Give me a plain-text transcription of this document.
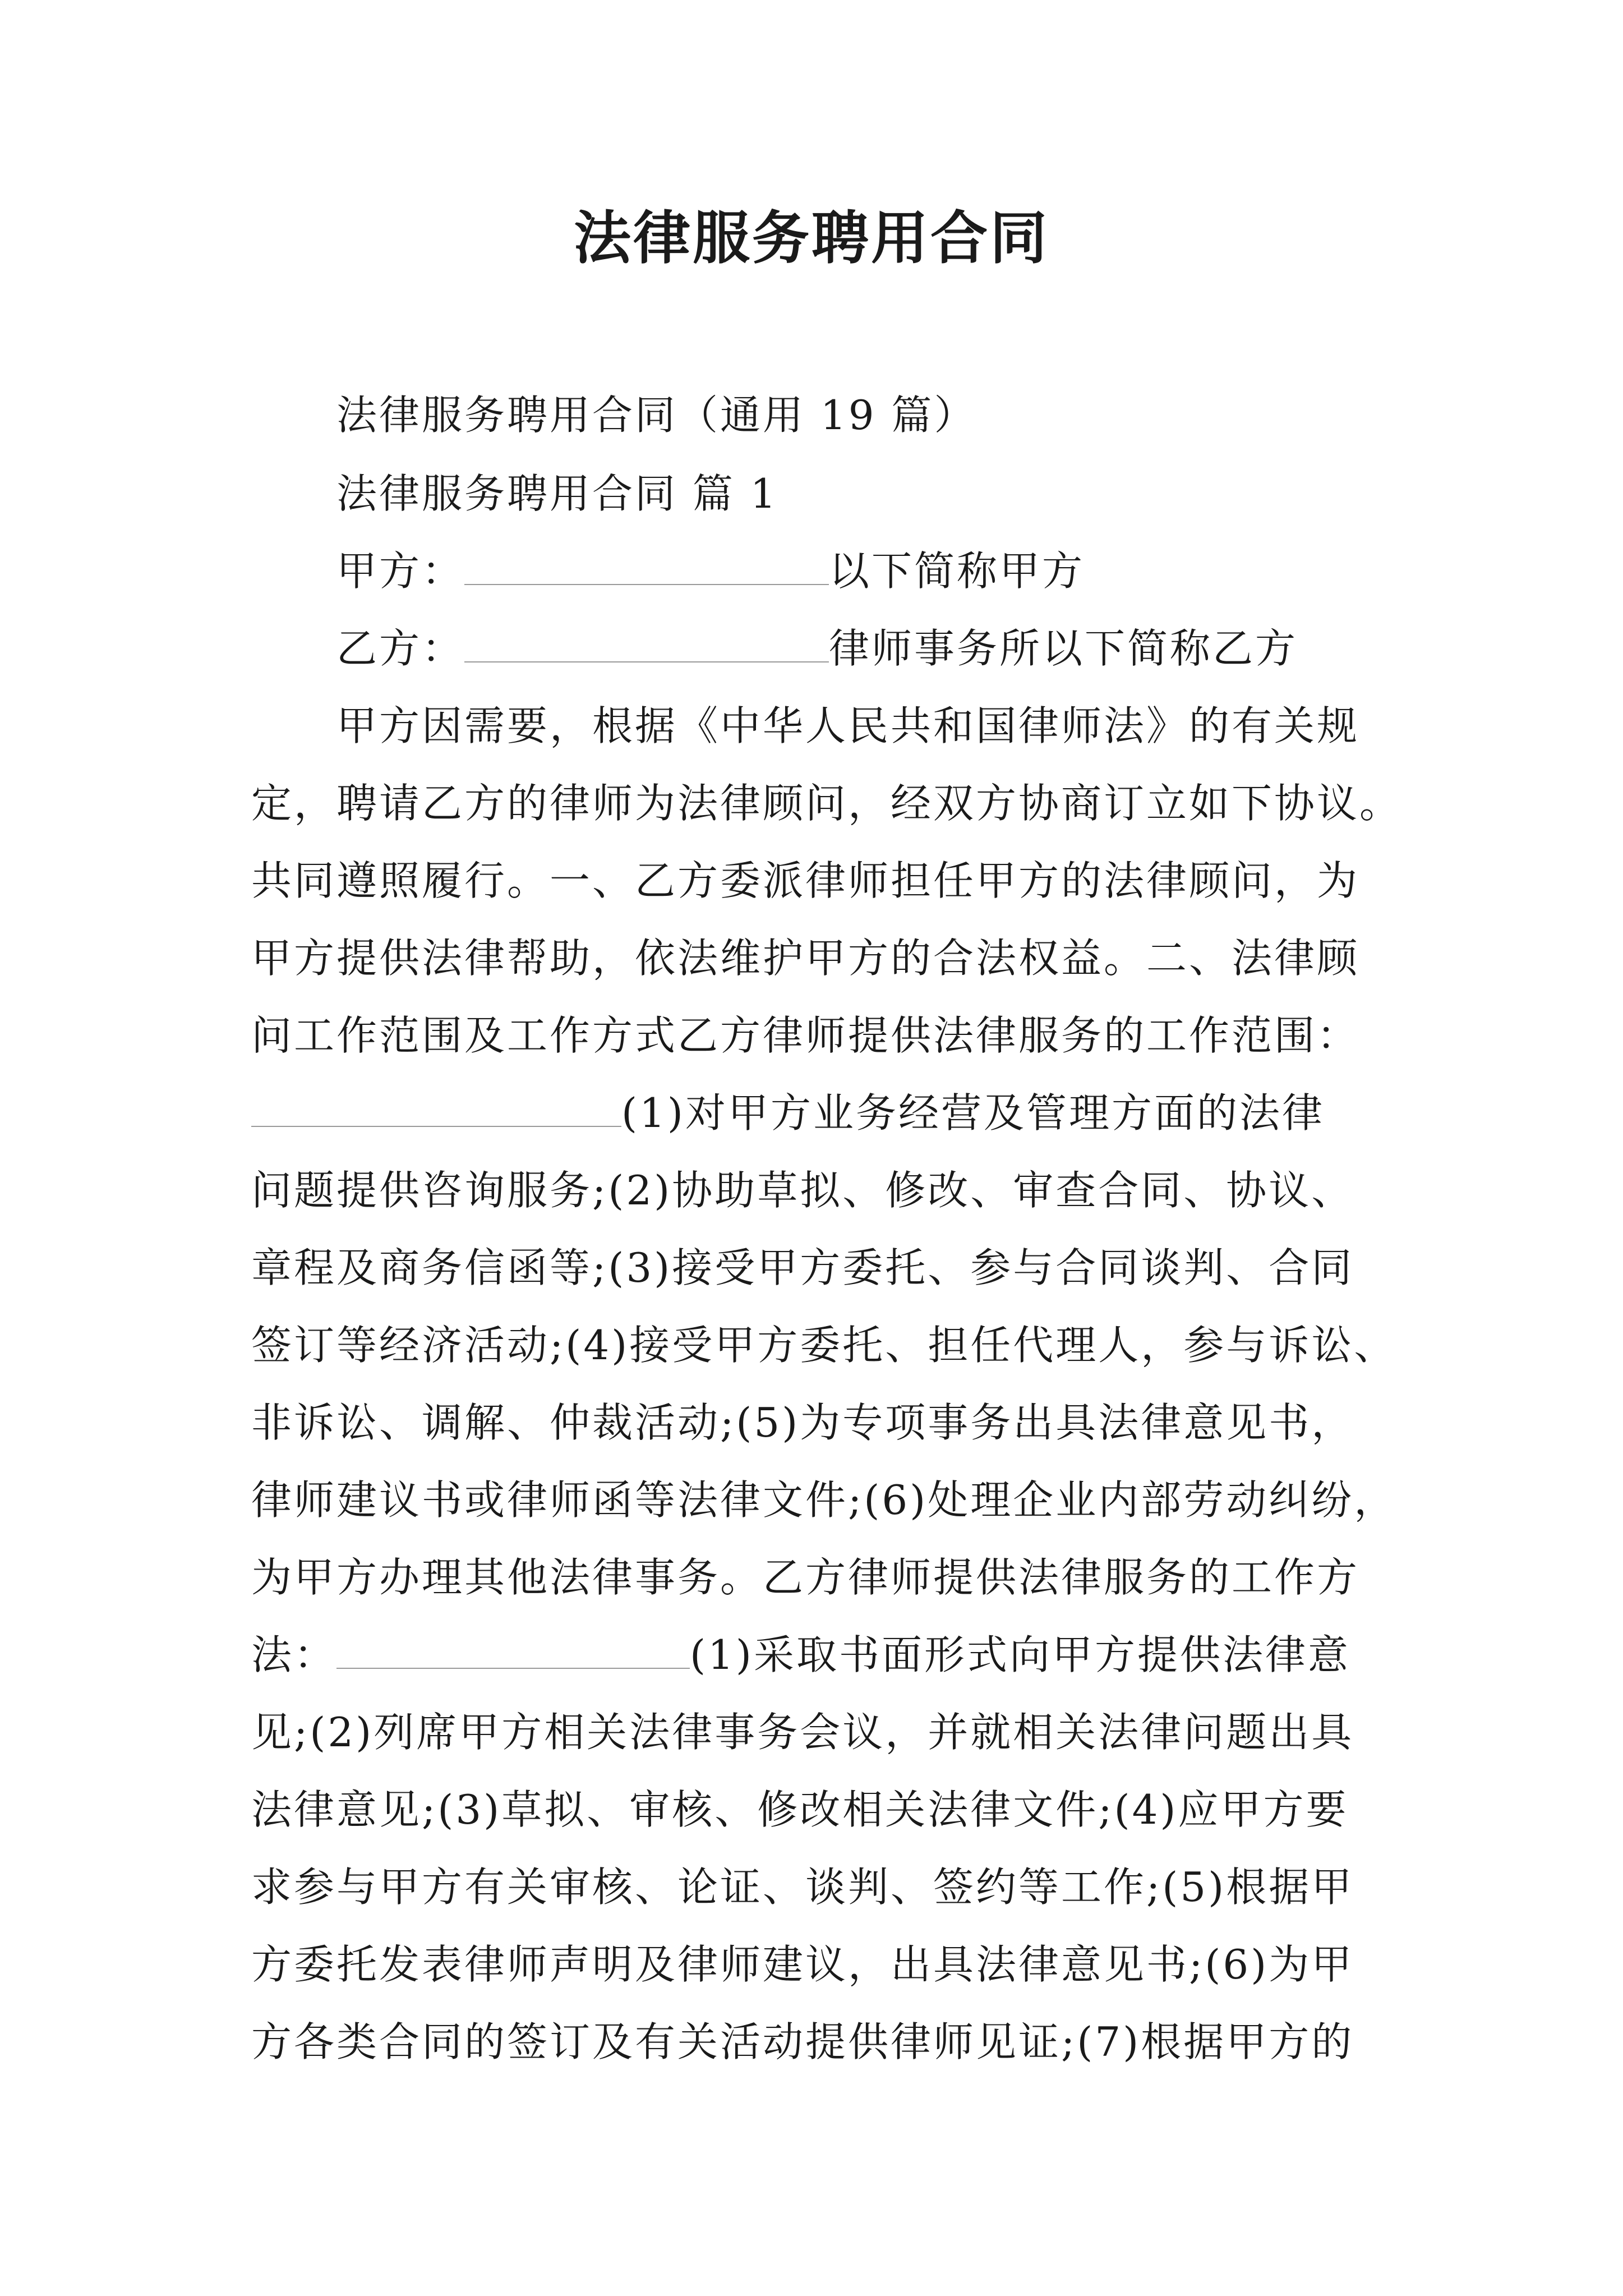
法律服务聘用合同
法律服务聘用合同（通用 19 篇）
法律服务聘用合同 篇 1
甲方：	以下简称甲方
乙方：	律师事务所以下简称乙方
甲方因需要，根据《中华人民共和国律师法》的有关规
定，聘请乙方的律师为法律顾问，经双方协商订立如下协议。
共同遵照履行。一、乙方委派律师担任甲方的法律顾问，为
甲方提供法律帮助，依法维护甲方的合法权益。二、法律顾
问工作范围及工作方式乙方律师提供法律服务的工作范围：
(1)对甲方业务经营及管理方面的法律
问题提供咨询服务;(2)协助草拟、修改、审查合同、协议、
章程及商务信函等;(3)接受甲方委托、参与合同谈判、合同
签订等经济活动;(4)接受甲方委托、担任代理人，参与诉讼、
非诉讼、调解、仲裁活动;(5)为专项事务出具法律意见书，
律师建议书或律师函等法律文件;(6)处理企业内部劳动纠纷，
为甲方办理其他法律事务。乙方律师提供法律服务的工作方
法：	(1)采取书面形式向甲方提供法律意
见;(2)列席甲方相关法律事务会议，并就相关法律问题出具
法律意见;(3)草拟、审核、修改相关法律文件;(4)应甲方要
求参与甲方有关审核、论证、谈判、签约等工作;(5)根据甲
方委托发表律师声明及律师建议，出具法律意见书;(6)为甲
方各类合同的签订及有关活动提供律师见证;(7)根据甲方的
